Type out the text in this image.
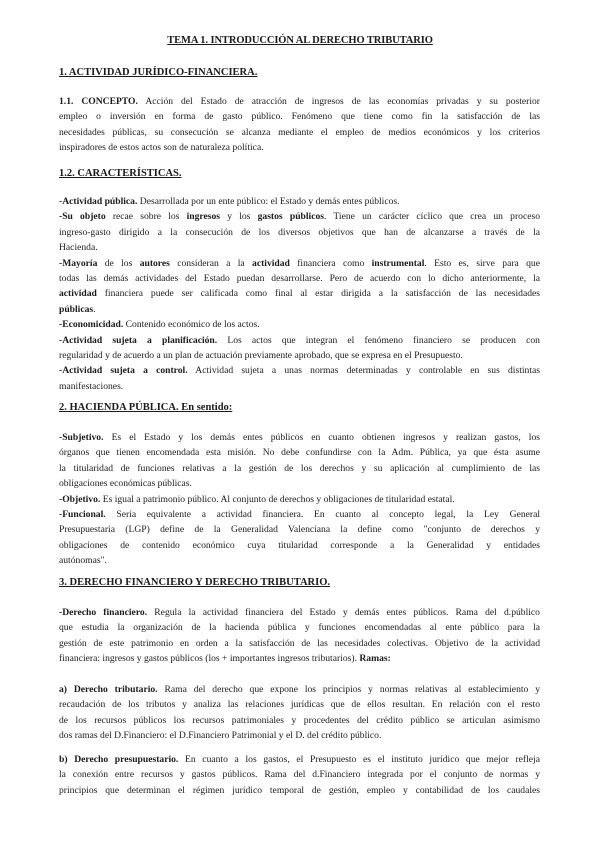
TEMA 1. INTRODUCCIÓN AL DERECHO TRIBUTARIO
1. ACTIVIDAD JURÍDICO-FINANCIERA.
1.1. CONCEPTO. Acción del Estado de atracción de ingresos de las economías privadas y su posterior
empleo o inversión en forma de gasto público. Fenómeno que tiene como fin la satisfacción de las
necesidades públicas, su consecución se alcanza mediante el empleo de medios económicos y los criterios
inspiradores de estos actos son de naturaleza política.
1.2. CARACTERÍSTICAS.
-Actividad pública. Desarrollada por un ente público: el Estado y demás entes públicos.
-Su objeto recae sobre los ingresos y los gastos públicos. Tiene un carácter cíclico que crea un proceso
ingreso-gasto dirigido a la consecución de los diversos objetivos que han de alcanzarse a través de la
Hacienda.
-Mayoría de los autores consideran a la actividad financiera como instrumental. Esto es, sirve para que
todas las demás actividades del Estado puedan desarrollarse. Pero de acuerdo con lo dicho anteriormente, la
actividad financiera puede ser calificada como final al estar dirigida a la satisfacción de las necesidades
públicas.
-Economicidad. Contenido económico de los actos.
-Actividad sujeta a planificación. Los actos que integran el fenómeno financiero se producen con
regularidad y de acuerdo a un plan de actuación previamente aprobado, que se expresa en el Presupuesto.
-Actividad sujeta a control. Actividad sujeta a unas normas determinadas y controlable en sus distintas
manifestaciones.
2. HACIENDA PÚBLICA. En sentido:
-Subjetivo. Es el Estado y los demás entes públicos en cuanto obtienen ingresos y realizan gastos, los
órganos que tienen encomendada esta misión. No debe confundirse con la Adm. Pública, ya que ésta asume
la titularidad de funciones relativas a la gestión de los derechos y su aplicación al cumplimiento de las
obligaciones económicas públicas.
-Objetivo. Es igual a patrimonio público. Al conjunto de derechos y obligaciones de titularidad estatal.
-Funcional. Sería equivalente a actividad financiera. En cuanto al concepto legal, la Ley General
Presupuestaria (LGP) define de la Generalidad Valenciana la define como "conjunto de derechos y
obligaciones de contenido económico cuya titularidad corresponde a la Generalidad y entidades
autónomas".
3. DERECHO FINANCIERO Y DERECHO TRIBUTARIO.
-Derecho financiero. Regula la actividad financiera del Estado y demás entes públicos. Rama del d.público
que estudia la organización de la hacienda pública y funciones encomendadas al ente público para la
gestión de este patrimonio en orden a la satisfacción de las necesidades colectivas. Objetivo de la actividad
financiera: ingresos y gastos públicos (los + importantes ingresos tributarios). Ramas:
a) Derecho tributario. Rama del derecho que expone los principios y normas relativas al establecimiento y
recaudación de los tributos y analiza las relaciones jurídicas que de ellos resultan. En relación con el resto
de los recursos públicos los recursos patrimoniales y procedentes del crédito público se articulan asimismo
dos ramas del D.Financiero: el D.Financiero Patrimonial y el D. del crédito público.
b) Derecho presupuestario. En cuanto a los gastos, el Presupuesto es el instituto jurídico que mejor refleja
la conexión entre recursos y gastos públicos. Rama del d.Financiero integrada por el conjunto de normas y
principios que determinan el régimen jurídico temporal de gestión, empleo y contabilidad de los caudales
